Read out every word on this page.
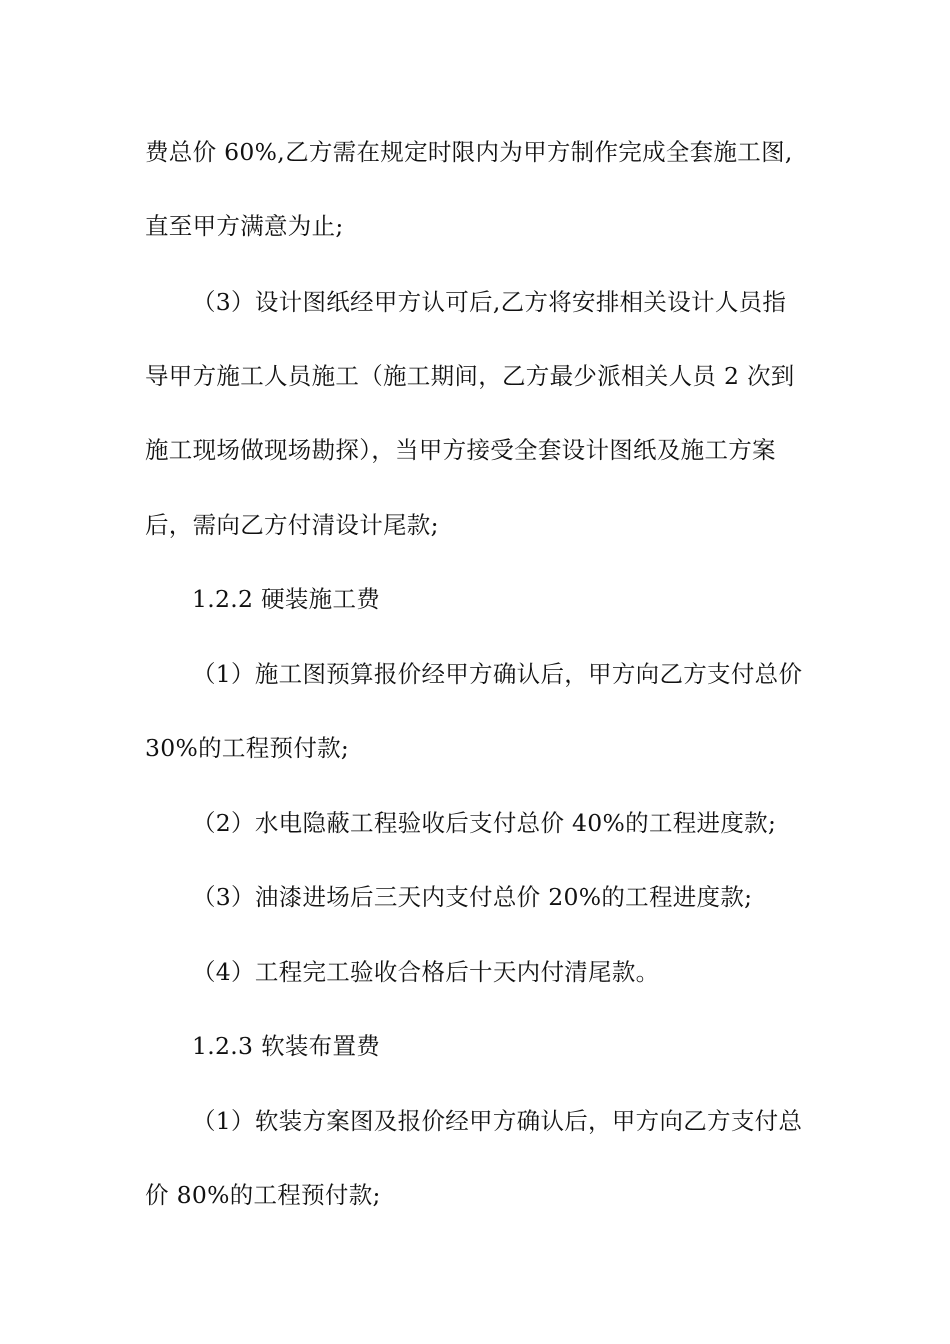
费总价 60%,乙方需在规定时限内为甲方制作完成全套施工图,
直至甲方满意为止;
（3）设计图纸经甲方认可后,乙方将安排相关设计人员指
导甲方施工人员施工（施工期间，乙方最少派相关人员 2 次到
施工现场做现场勘探），当甲方接受全套设计图纸及施工方案
后，需向乙方付清设计尾款;
1.2.2 硬装施工费
（1）施工图预算报价经甲方确认后，甲方向乙方支付总价
30%的工程预付款;
（2）水电隐蔽工程验收后支付总价 40%的工程进度款;
（3）油漆进场后三天内支付总价 20%的工程进度款;
（4）工程完工验收合格后十天内付清尾款。
1.2.3 软装布置费
（1）软装方案图及报价经甲方确认后，甲方向乙方支付总
价 80%的工程预付款;
